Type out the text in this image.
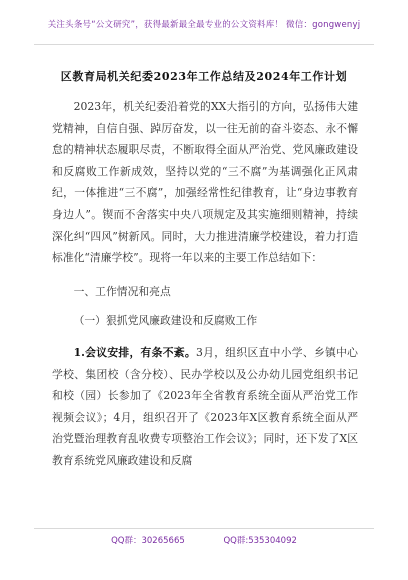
关注头条号“公文研究”，获得最新最全最专业的公文资料库！ 微信：gongwenyj
区教育局机关纪委2023年工作总结及2024年工作计划

2023年，机关纪委沿着党的XX大指引的方向，弘扬伟大建党精神，自信自强、踔厉奋发，以一往无前的奋斗姿态、永不懈怠的精神状态履职尽责，不断取得全面从严治党、党风廉政建设和反腐败工作新成效，坚持以党的“三不腐”为基调强化正风肃纪，一体推进“三不腐”，加强经常性纪律教育，让“身边事教育身边人”。锲而不舍落实中央八项规定及其实施细则精神，持续深化纠“四风”树新风。同时，大力推进清廉学校建设，着力打造标准化“清廉学校”。现将一年以来的主要工作总结如下：

一、工作情况和亮点

（一）狠抓党风廉政建设和反腐败工作

1.会议安排，有条不紊。3月，组织区直中小学、乡镇中心学校、集团校（含分校）、民办学校以及公办幼儿园党组织书记和校（园）长参加了《2023年全省教育系统全面从严治党工作视频会议》；4月，组织召开了《2023年X区教育系统全面从严治党暨治理教育乱收费专项整治工作会议》；同时，还下发了X区教育系统党风廉政建设和反腐

QQ群：30265665	QQ群:535304092
